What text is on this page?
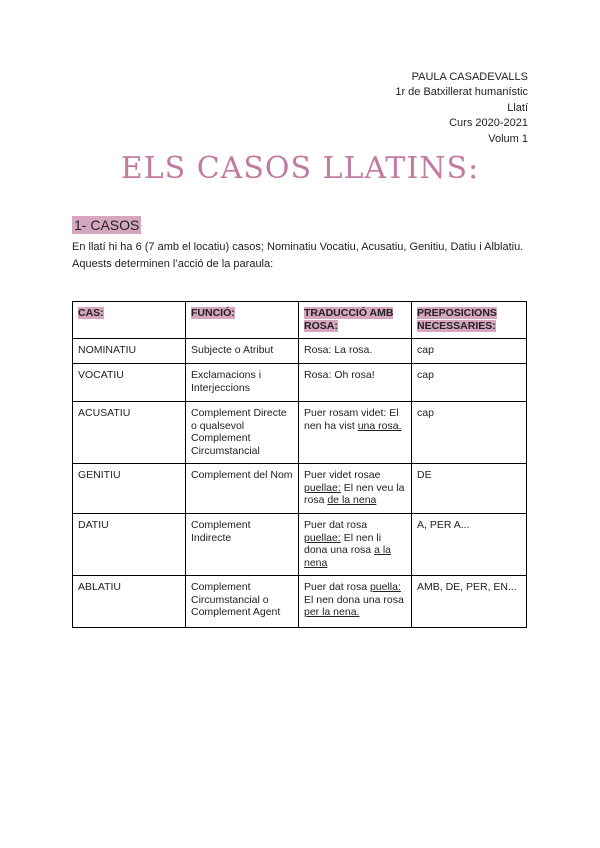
PAULA CASADEVALLS
1r de Batxillerat humanístic
Llatí
Curs 2020-2021
Volum 1
ELS CASOS LLATINS:
1- CASOS
En llatí hi ha 6 (7 amb el locatiu) casos; Nominatiu Vocatiu, Acusatiu, Genitiu, Datiu i Alblatiu. Aquests determinen l’acció de la paraula:
CAS:	FUNCIÓ:	TRADUCCIÓ AMB ROSA:	PREPOSICIONS NECESSARIES:
NOMINATIU	Subjecte o Atribut	Rosa: La rosa.	cap
VOCATIU	Exclamacions i Interjeccions	Rosa: Oh rosa!	cap
ACUSATIU	Complement Directe o qualsevol Complement Circumstancial	Puer rosam videt: El nen ha vist una rosa.	cap
GENITIU	Complement del Nom	Puer videt rosae puellae: El nen veu la rosa de la nena	DE
DATIU	Complement Indirecte	Puer dat rosa puellae: El nen li dona una rosa a la nena	A, PER A...
ABLATIU	Complement Circumstancial o Complement Agent	Puer dat rosa puella: El nen dona una rosa per la nena.	AMB, DE, PER, EN...
